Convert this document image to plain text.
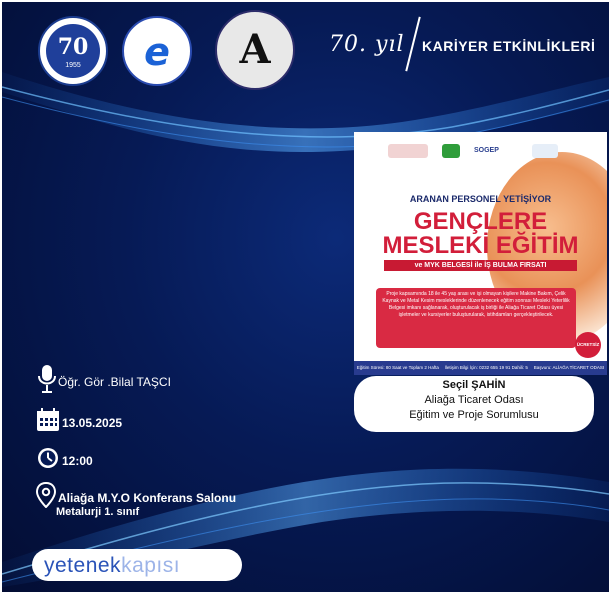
70
1955	e	A	70. yıl KARİYER ETKİNLİKLERİ
SOGEP
ARANAN PERSONEL YETİŞİYOR
GENÇLERE
MESLEKİ EĞİTİM
ve MYK BELGESİ ile İŞ BULMA FIRSATI
Proje kapsamında 18 ile 45 yaş arası ve işi olmayan kişilere Makine Bakım, Çelik Kaynak ve Metal Kesim mesleklerinde düzenlenecek eğitim sonrası Mesleki Yeterlilik Belgesi imkanı sağlanarak, oluşturulacak iş birliği ile Aliağa Ticaret Odası üyesi işletmeler ve kursiyerler buluşturularak, istihdamları gerçekleştirilecek.
ÜCRETSİZ
Eğitim Süresi: 80 Saat ve Toplam 2 Hafta İletişim Bilgi İçin: 0232 655 19 91 Dahili: 5 Başvuru: ALİAĞA TİCARET ODASI
Seçil ŞAHİN
Aliağa Ticaret Odası
Eğitim ve Proje Sorumlusu
Öğr. Gör .Bilal TAŞCI
13.05.2025
12:00
Aliağa M.Y.O Konferans Salonu
Metalurji 1. sınıf
yetenekkapısı
